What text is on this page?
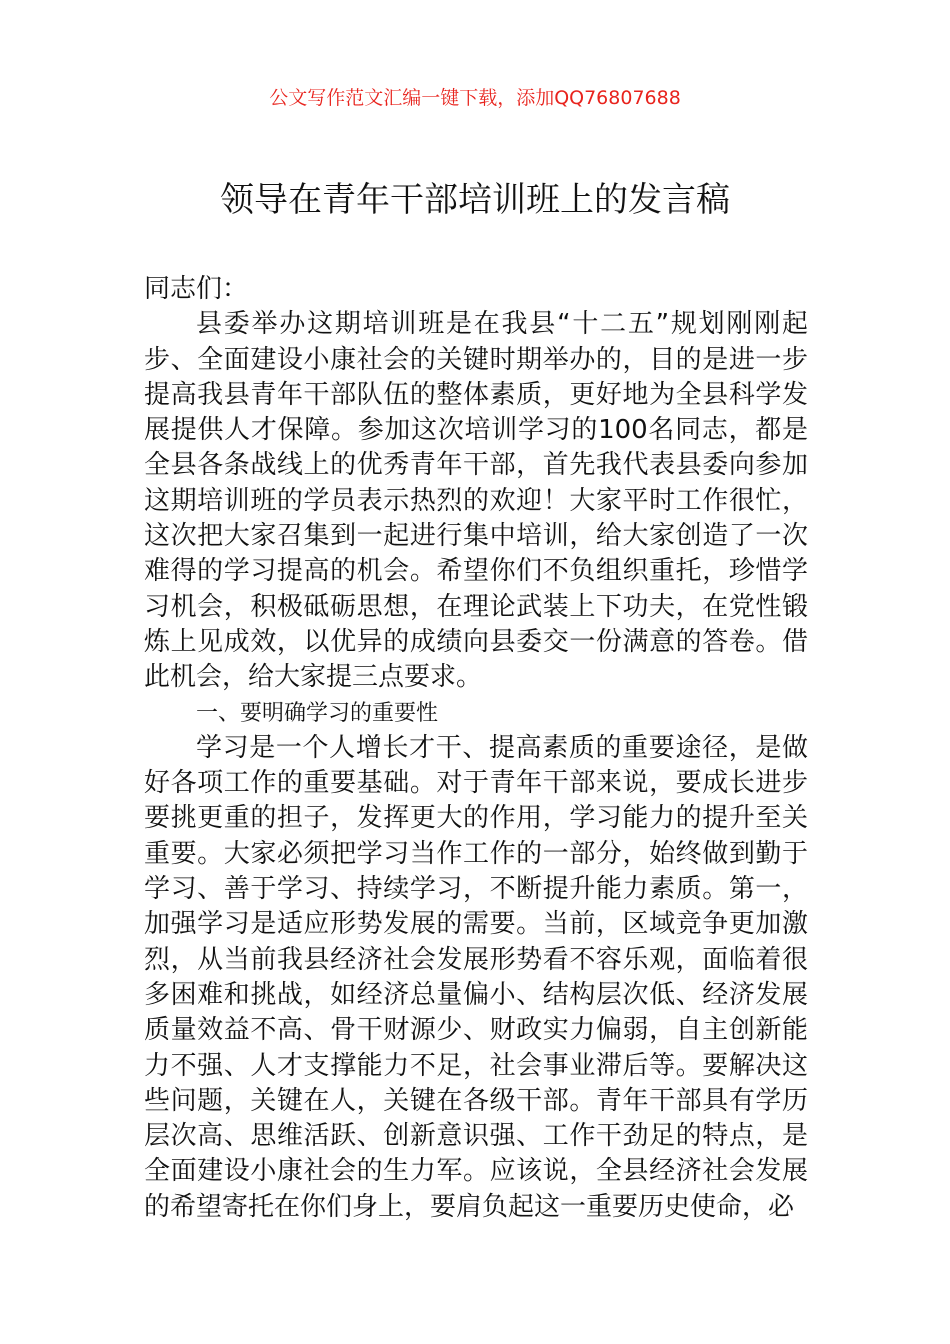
公文写作范文汇编一键下载，添加QQ76807688

领导在青年干部培训班上的发言稿

同志们：

县委举办这期培训班是在我县“十二五”规划刚刚起步、全面建设小康社会的关键时期举办的，目的是进一步提高我县青年干部队伍的整体素质，更好地为全县科学发展提供人才保障。参加这次培训学习的100名同志，都是全县各条战线上的优秀青年干部，首先我代表县委向参加这期培训班的学员表示热烈的欢迎！大家平时工作很忙，这次把大家召集到一起进行集中培训，给大家创造了一次难得的学习提高的机会。希望你们不负组织重托，珍惜学习机会，积极砥砺思想，在理论武装上下功夫，在党性锻炼上见成效，以优异的成绩向县委交一份满意的答卷。借此机会，给大家提三点要求。

一、要明确学习的重要性

学习是一个人增长才干、提高素质的重要途径，是做好各项工作的重要基础。对于青年干部来说，要成长进步要挑更重的担子，发挥更大的作用，学习能力的提升至关重要。大家必须把学习当作工作的一部分，始终做到勤于学习、善于学习、持续学习，不断提升能力素质。第一，加强学习是适应形势发展的需要。当前，区域竞争更加激烈，从当前我县经济社会发展形势看不容乐观，面临着很多困难和挑战，如经济总量偏小、结构层次低、经济发展质量效益不高、骨干财源少、财政实力偏弱，自主创新能力不强、人才支撑能力不足，社会事业滞后等。要解决这些问题，关键在人，关键在各级干部。青年干部具有学历层次高、思维活跃、创新意识强、工作干劲足的特点，是全面建设小康社会的生力军。应该说，全县经济社会发展的希望寄托在你们身上，要肩负起这一重要历史使命，必
